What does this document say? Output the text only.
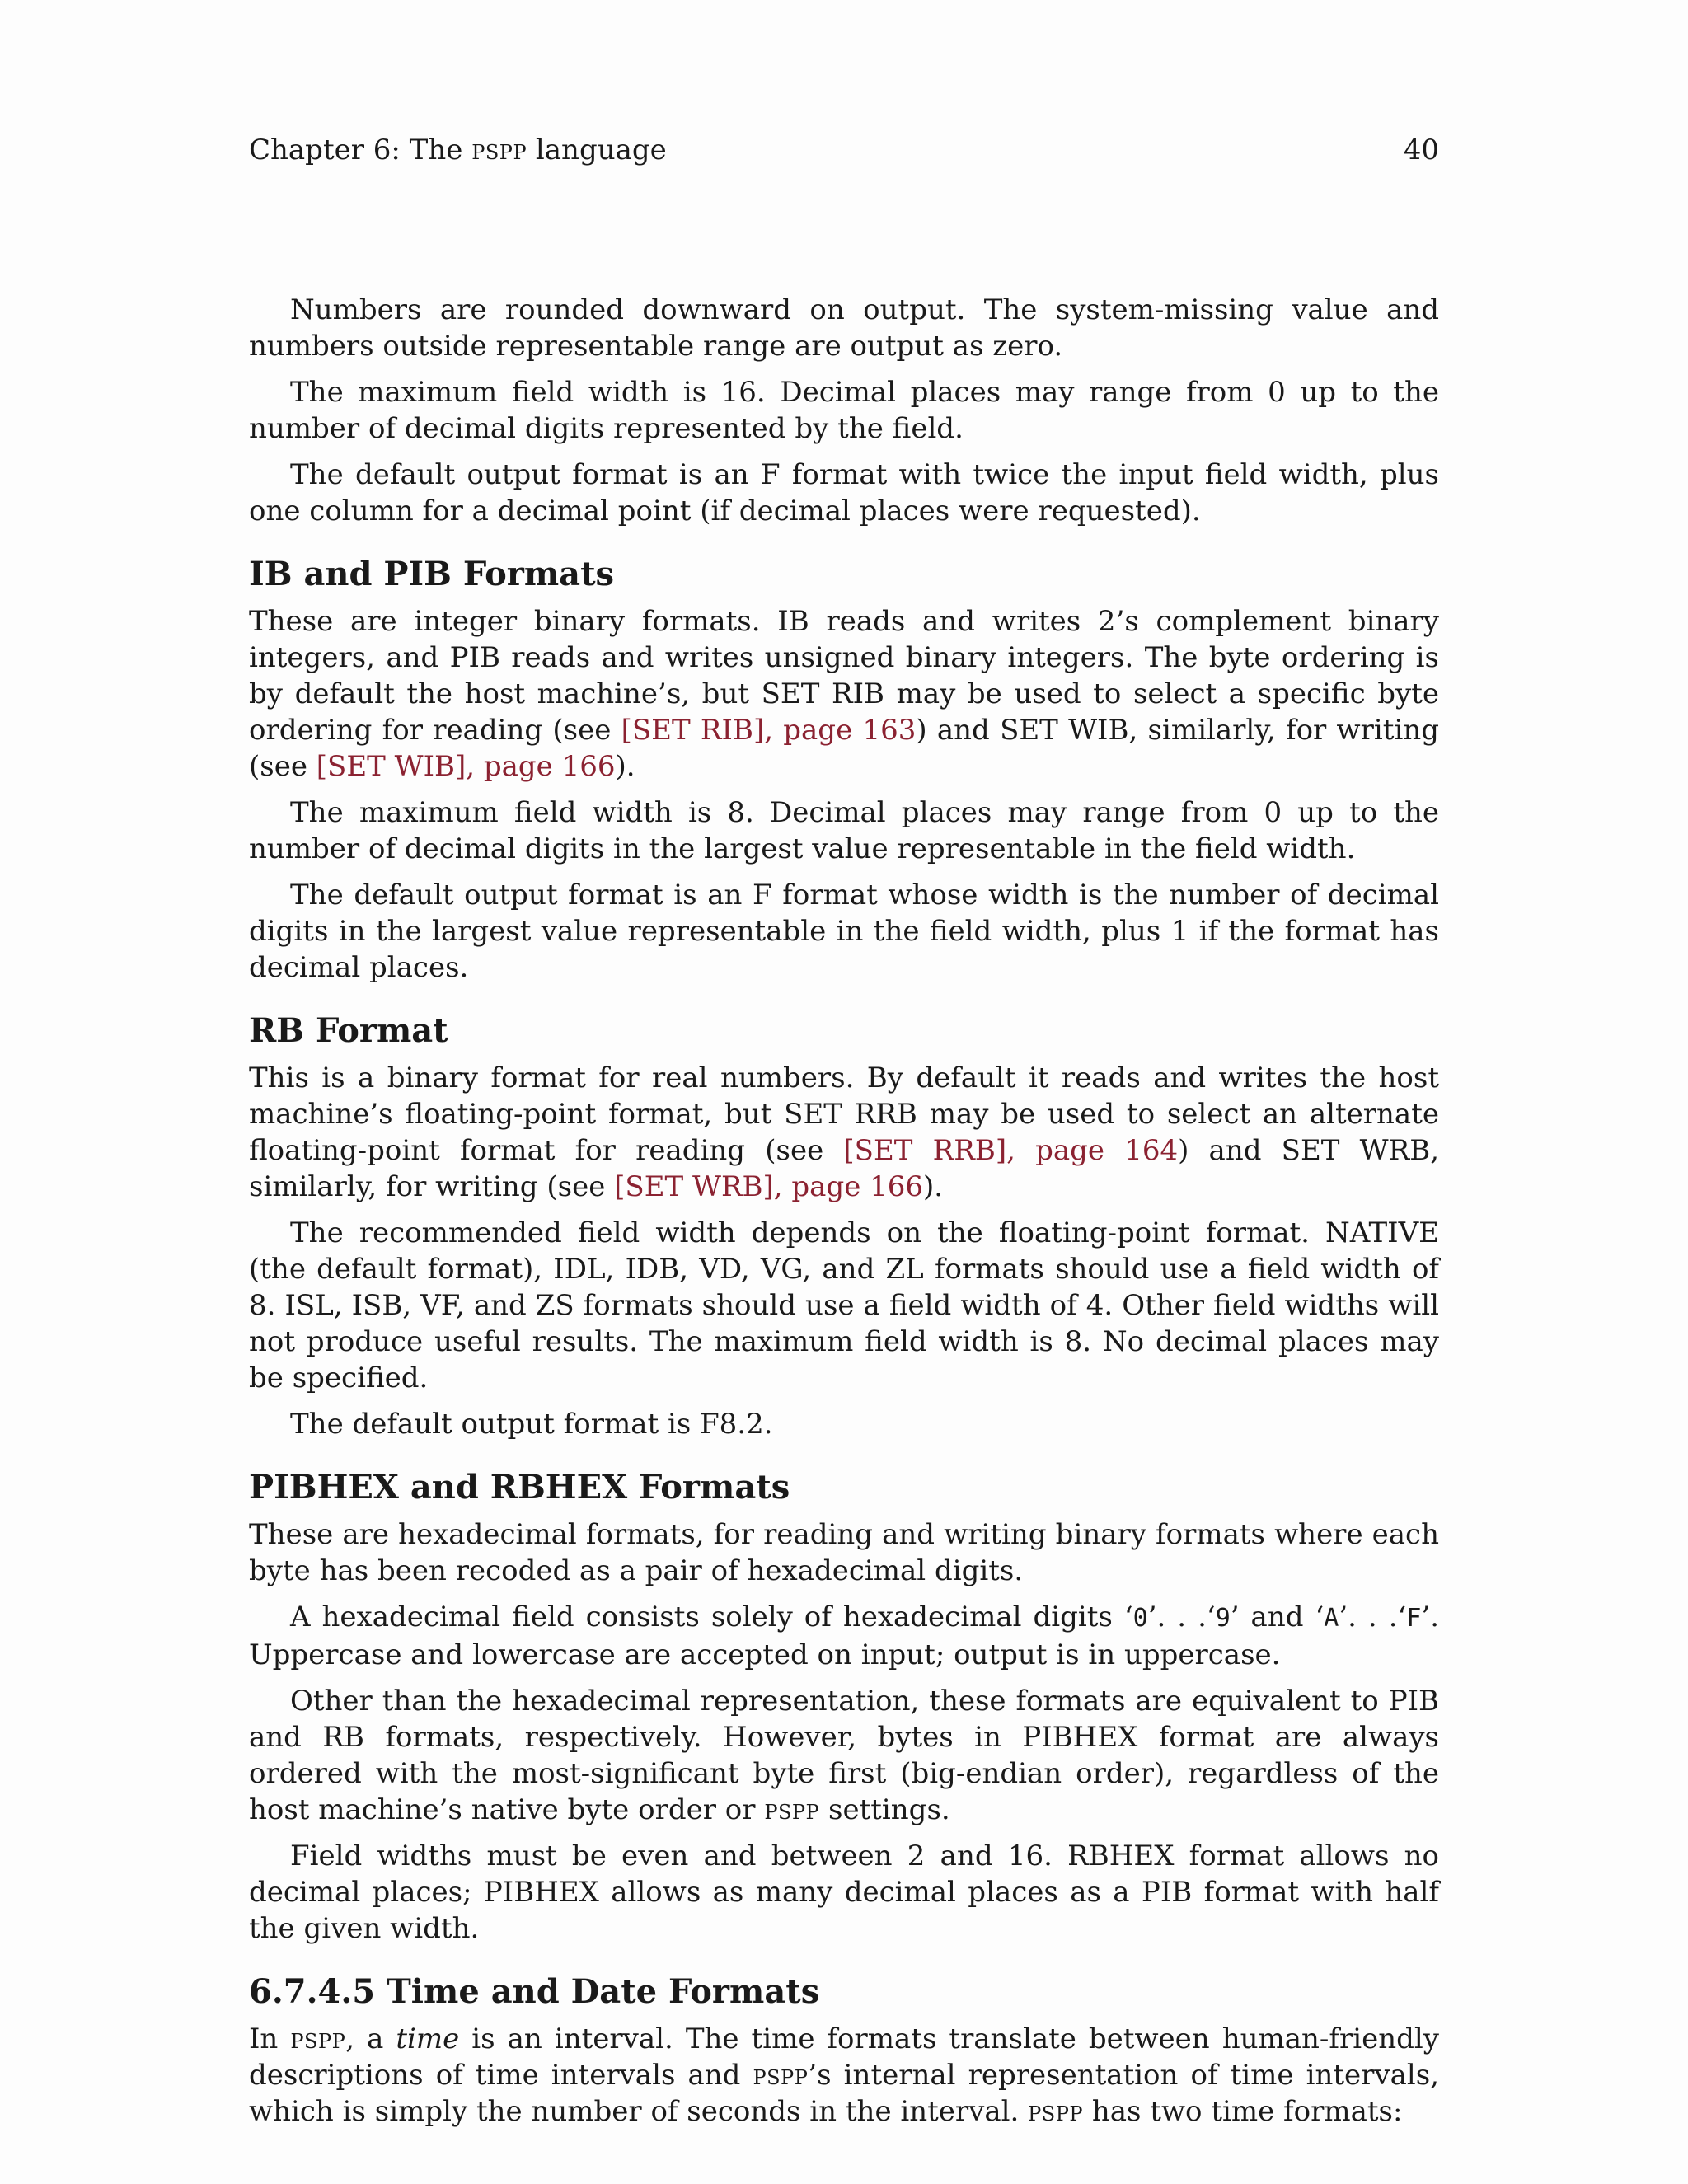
Chapter 6: The pspp language	40

Numbers are rounded downward on output. The system-missing value and numbers outside representable range are output as zero.

The maximum field width is 16. Decimal places may range from 0 up to the number of decimal digits represented by the field.

The default output format is an F format with twice the input field width, plus one column for a decimal point (if decimal places were requested).

IB and PIB Formats

These are integer binary formats. IB reads and writes 2’s complement binary integers, and PIB reads and writes unsigned binary integers. The byte ordering is by default the host machine’s, but SET RIB may be used to select a specific byte ordering for reading (see [SET RIB], page 163) and SET WIB, similarly, for writing (see [SET WIB], page 166).

The maximum field width is 8. Decimal places may range from 0 up to the number of decimal digits in the largest value representable in the field width.

The default output format is an F format whose width is the number of decimal digits in the largest value representable in the field width, plus 1 if the format has decimal places.

RB Format

This is a binary format for real numbers. By default it reads and writes the host machine’s floating-point format, but SET RRB may be used to select an alternate floating-point format for reading (see [SET RRB], page 164) and SET WRB, similarly, for writing (see [SET WRB], page 166).

The recommended field width depends on the floating-point format. NATIVE (the default format), IDL, IDB, VD, VG, and ZL formats should use a field width of 8. ISL, ISB, VF, and ZS formats should use a field width of 4. Other field widths will not produce useful results. The maximum field width is 8. No decimal places may be specified.

The default output format is F8.2.

PIBHEX and RBHEX Formats

These are hexadecimal formats, for reading and writing binary formats where each byte has been recoded as a pair of hexadecimal digits.

A hexadecimal field consists solely of hexadecimal digits ‘0’. . .‘9’ and ‘A’. . .‘F’. Uppercase and lowercase are accepted on input; output is in uppercase.

Other than the hexadecimal representation, these formats are equivalent to PIB and RB formats, respectively. However, bytes in PIBHEX format are always ordered with the most-significant byte first (big-endian order), regardless of the host machine’s native byte order or pspp settings.

Field widths must be even and between 2 and 16. RBHEX format allows no decimal places; PIBHEX allows as many decimal places as a PIB format with half the given width.

6.7.4.5 Time and Date Formats

In pspp, a time is an interval. The time formats translate between human-friendly descriptions of time intervals and pspp’s internal representation of time intervals, which is simply the number of seconds in the interval. pspp has two time formats:
